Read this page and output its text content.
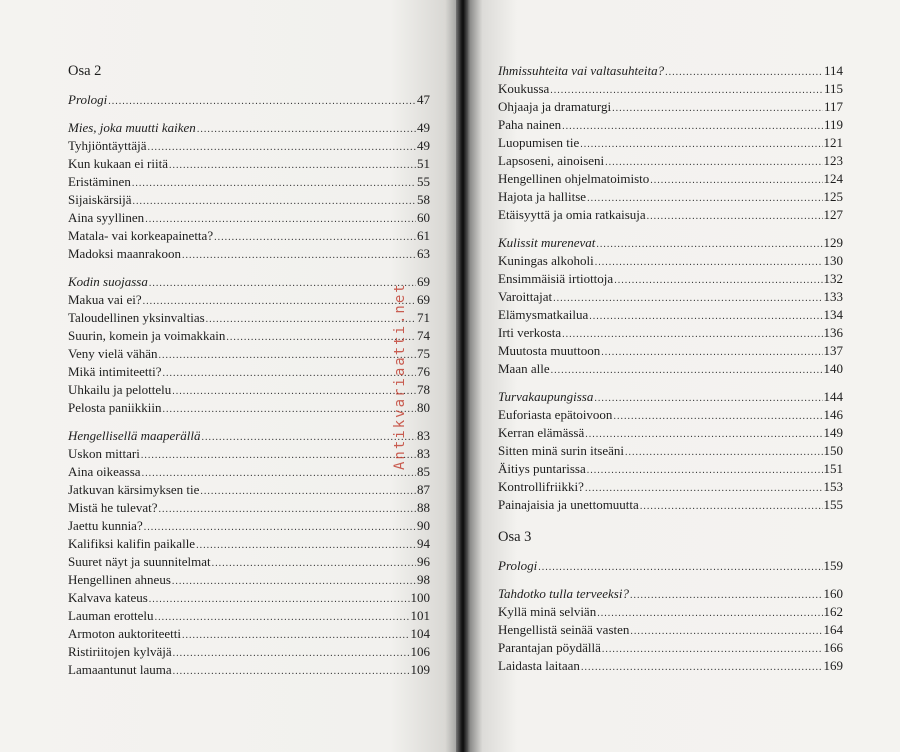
Osa 2
Prologi .....	47
Mies, joka muutti kaiken .....	49
Tyhjiöntäyttäjä .....	49
Kun kukaan ei riitä .....	51
Eristäminen .....	55
Sijaiskärsijä .....	58
Aina syyllinen .....	60
Matala- vai korkeapainetta? .....	61
Madoksi maanrakoon .....	63
Kodin suojassa .....	69
Makua vai ei? .....	69
Taloudellinen yksinvaltias .....	71
Suurin, komein ja voimakkain .....	74
Veny vielä vähän .....	75
Mikä intimiteetti? .....	76
Uhkailu ja pelottelu .....	78
Pelosta paniikkiin .....	80
Hengellisellä maaperällä .....	83
Uskon mittari .....	83
Aina oikeassa .....	85
Jatkuvan kärsimyksen tie .....	87
Mistä he tulevat? .....	88
Jaettu kunnia? .....	90
Kalifiksi kalifin paikalle .....	94
Suuret näyt ja suunnitelmat .....	96
Hengellinen ahneus .....	98
Kalvava kateus .....	100
Lauman erottelu .....	101
Armoton auktoriteetti .....	104
Ristiriitojen kylväjä .....	106
Lamaantunut lauma .....	109
Ihmissuhteita vai valtasuhteita? .....	114
Koukussa .....	115
Ohjaaja ja dramaturgi .....	117
Paha nainen .....	119
Luopumisen tie .....	121
Lapsoseni, ainoiseni .....	123
Hengellinen ohjelmatoimisto .....	124
Hajota ja hallitse .....	125
Etäisyyttä ja omia ratkaisuja .....	127
Kulissit murenevat .....	129
Kuningas alkoholi .....	130
Ensimmäisiä irtiottoja .....	132
Varoittajat .....	133
Elämysmatkailua .....	134
Irti verkosta .....	136
Muutosta muuttoon .....	137
Maan alle .....	140
Turvakaupungissa .....	144
Euforiasta epätoivoon .....	146
Kerran elämässä .....	149
Sitten minä surin itseäni .....	150
Äitiys puntarissa .....	151
Kontrollifriikki? .....	153
Painajaisia ja unettomuutta .....	155
Osa 3
Prologi .....	159
Tahdotko tulla terveeksi? .....	160
Kyllä minä selviän .....	162
Hengellistä seinää vasten .....	164
Parantajan pöydällä .....	166
Laidasta laitaan .....	169
Antikvariaatti.net
